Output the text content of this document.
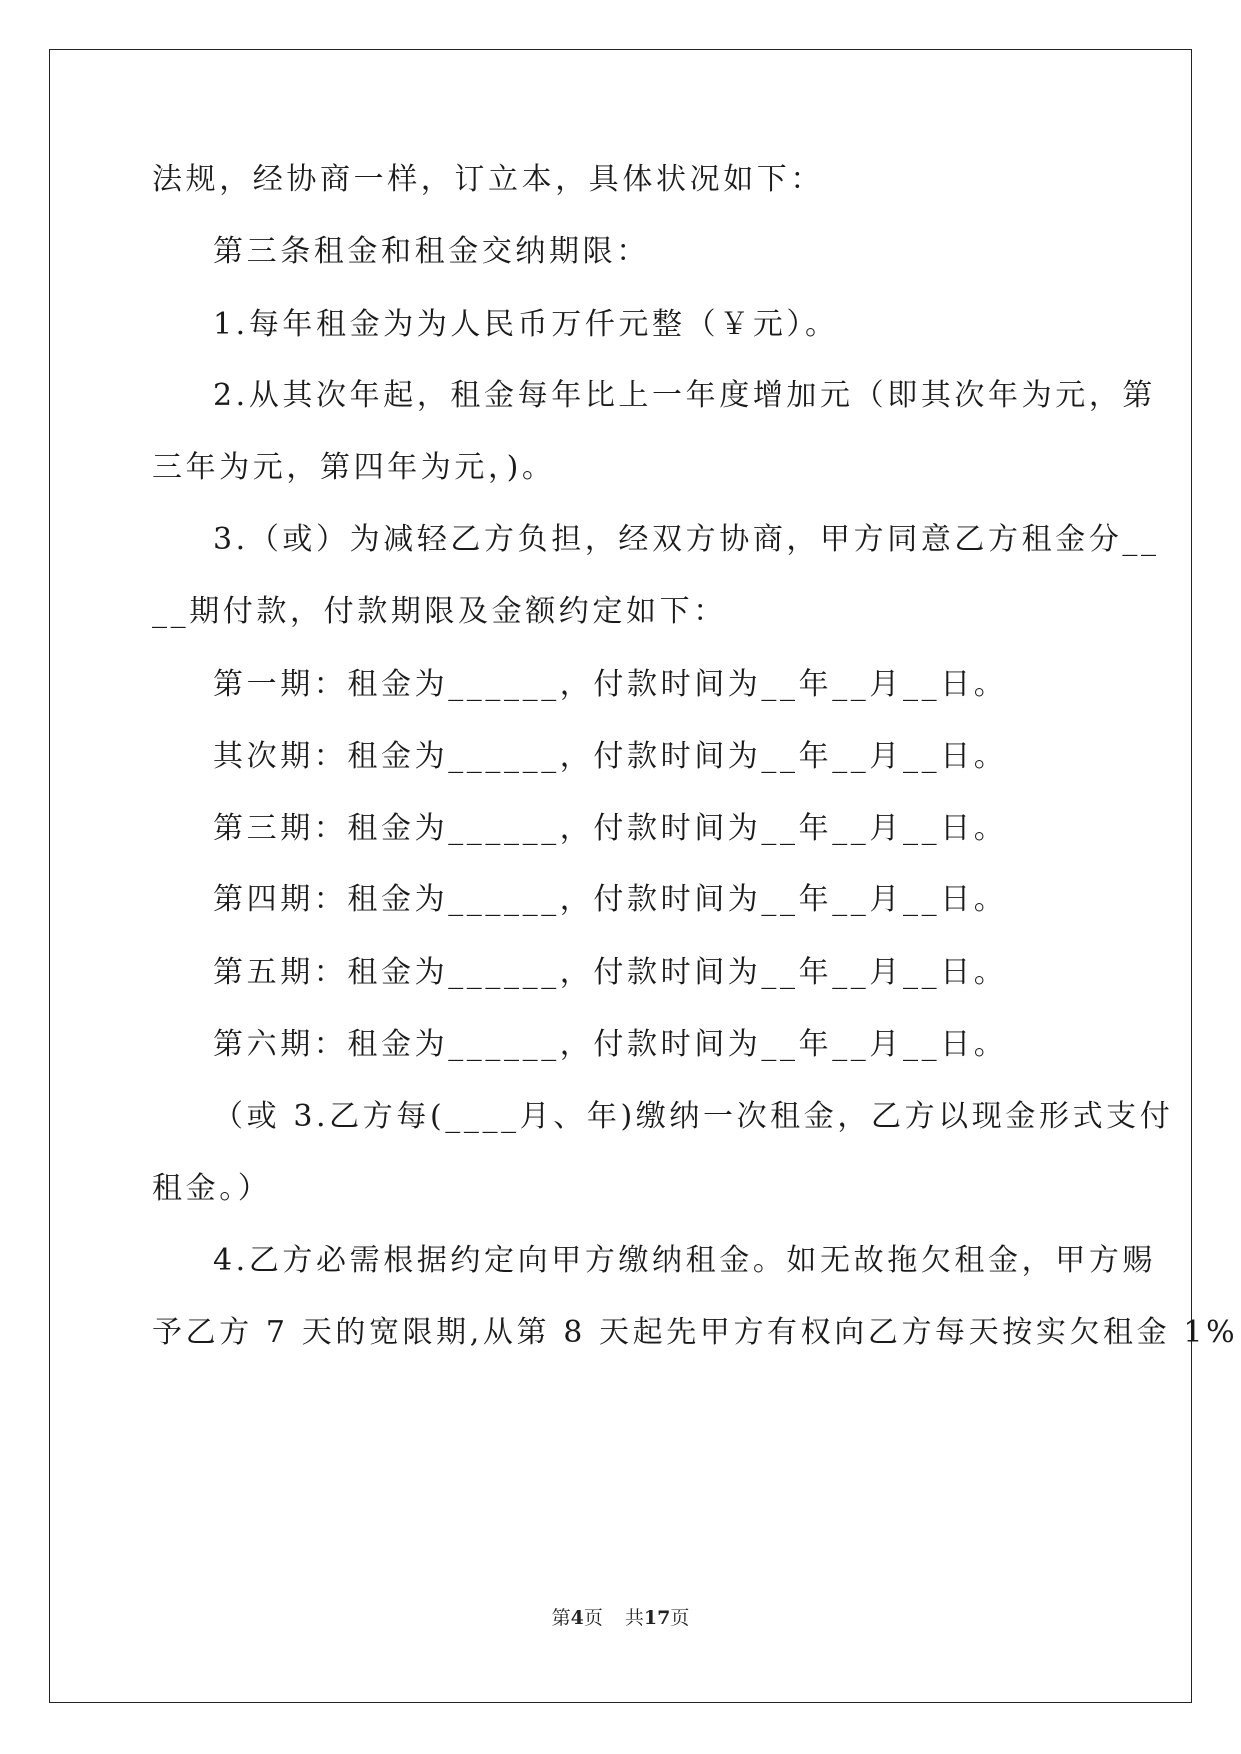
法规，经协商一样，订立本，具体状况如下：
第三条租金和租金交纳期限：
1.每年租金为为人民币万仟元整（￥元）。
2.从其次年起，租金每年比上一年度增加元（即其次年为元，第
三年为元，第四年为元，)。
3.（或）为减轻乙方负担，经双方协商，甲方同意乙方租金分__
__期付款，付款期限及金额约定如下：
第一期：租金为______，付款时间为__年__月__日。
其次期：租金为______，付款时间为__年__月__日。
第三期：租金为______，付款时间为__年__月__日。
第四期：租金为______，付款时间为__年__月__日。
第五期：租金为______，付款时间为__年__月__日。
第六期：租金为______，付款时间为__年__月__日。
（或 3.乙方每(____月、年)缴纳一次租金，乙方以现金形式支付
租金。）
4.乙方必需根据约定向甲方缴纳租金。如无故拖欠租金，甲方赐
予乙方 7 天的宽限期,从第 8 天起先甲方有权向乙方每天按实欠租金 1%
第4页 共17页
